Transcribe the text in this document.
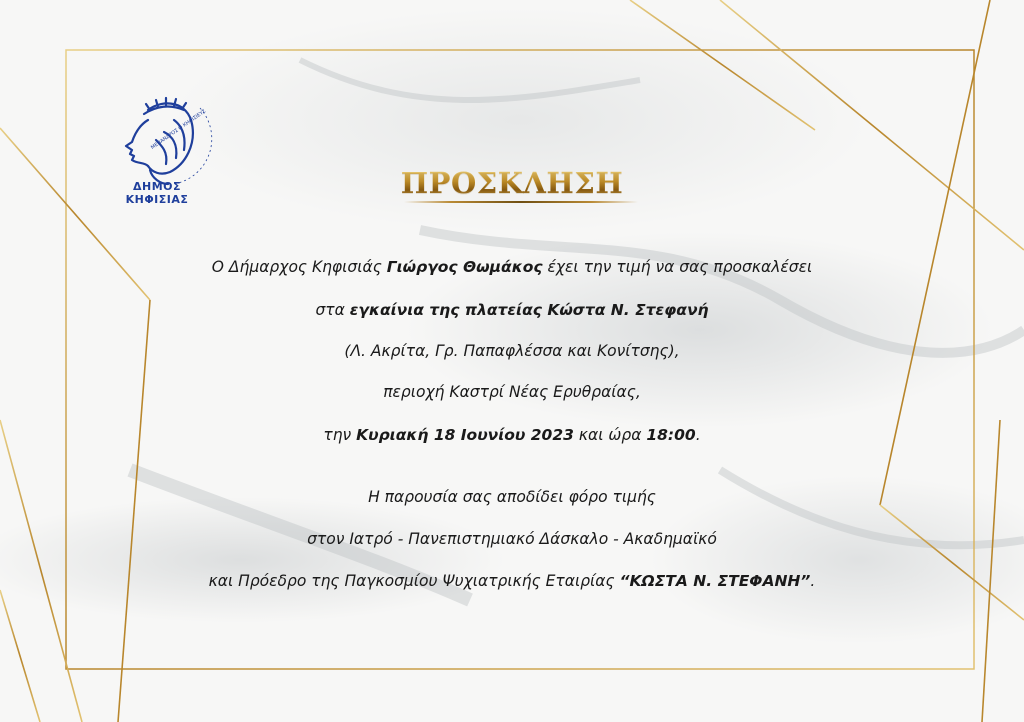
ΜΕΝΑΝΔΡΟΣ Ο ΚΗΦΙΣΙΕΥΣ

ΠΡΟΣΚΛΗΣΗ

Ο Δήμαρχος Κηφισιάς Γιώργος Θωμάκος έχει την τιμή να σας προσκαλέσει

στα εγκαίνια της πλατείας Κώστα Ν. Στεφανή

(Λ. Ακρίτα, Γρ. Παπαφλέσσα και Κονίτσης),

περιοχή Καστρί Νέας Ερυθραίας,

την Κυριακή 18 Ιουνίου 2023 και ώρα 18:00.

Η παρουσία σας αποδίδει φόρο τιμής

στον Ιατρό - Πανεπιστημιακό Δάσκαλο - Ακαδημαϊκό

και Πρόεδρο της Παγκοσμίου Ψυχιατρικής Εταιρίας “ΚΩΣΤΑ Ν. ΣΤΕΦΑΝΗ”.
